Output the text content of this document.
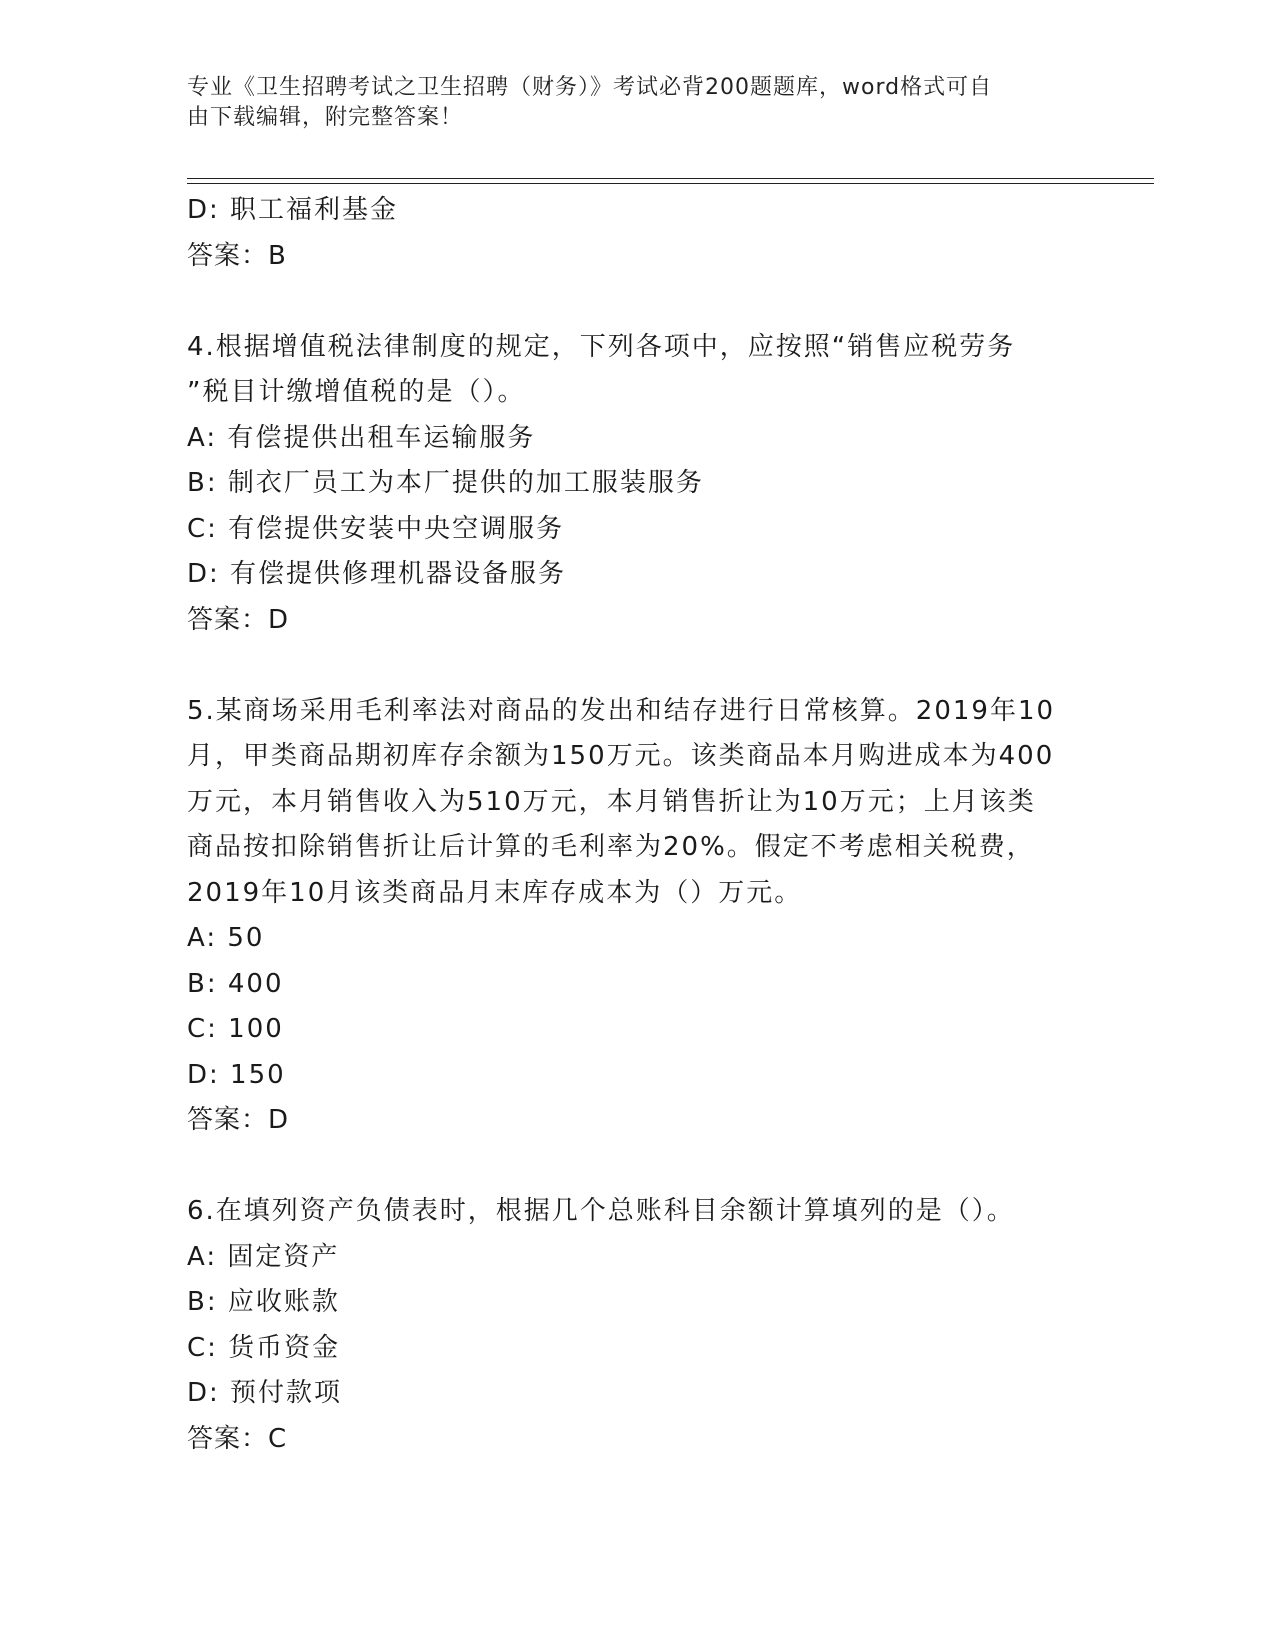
专业《卫生招聘考试之卫生招聘（财务）》考试必背200题题库，word格式可自
由下载编辑，附完整答案！
D: 职工福利基金
答案：B
4.根据增值税法律制度的规定，下列各项中，应按照“销售应税劳务
”税目计缴增值税的是（）。
A: 有偿提供出租车运输服务
B: 制衣厂员工为本厂提供的加工服装服务
C: 有偿提供安装中央空调服务
D: 有偿提供修理机器设备服务
答案：D
5.某商场采用毛利率法对商品的发出和结存进行日常核算。2019年10
月，甲类商品期初库存余额为150万元。该类商品本月购进成本为400
万元，本月销售收入为510万元，本月销售折让为10万元；上月该类
商品按扣除销售折让后计算的毛利率为20%。假定不考虑相关税费，
2019年10月该类商品月末库存成本为（）万元。
A: 50
B: 400
C: 100
D: 150
答案：D
6.在填列资产负债表时，根据几个总账科目余额计算填列的是（）。
A: 固定资产
B: 应收账款
C: 货币资金
D: 预付款项
答案：C
